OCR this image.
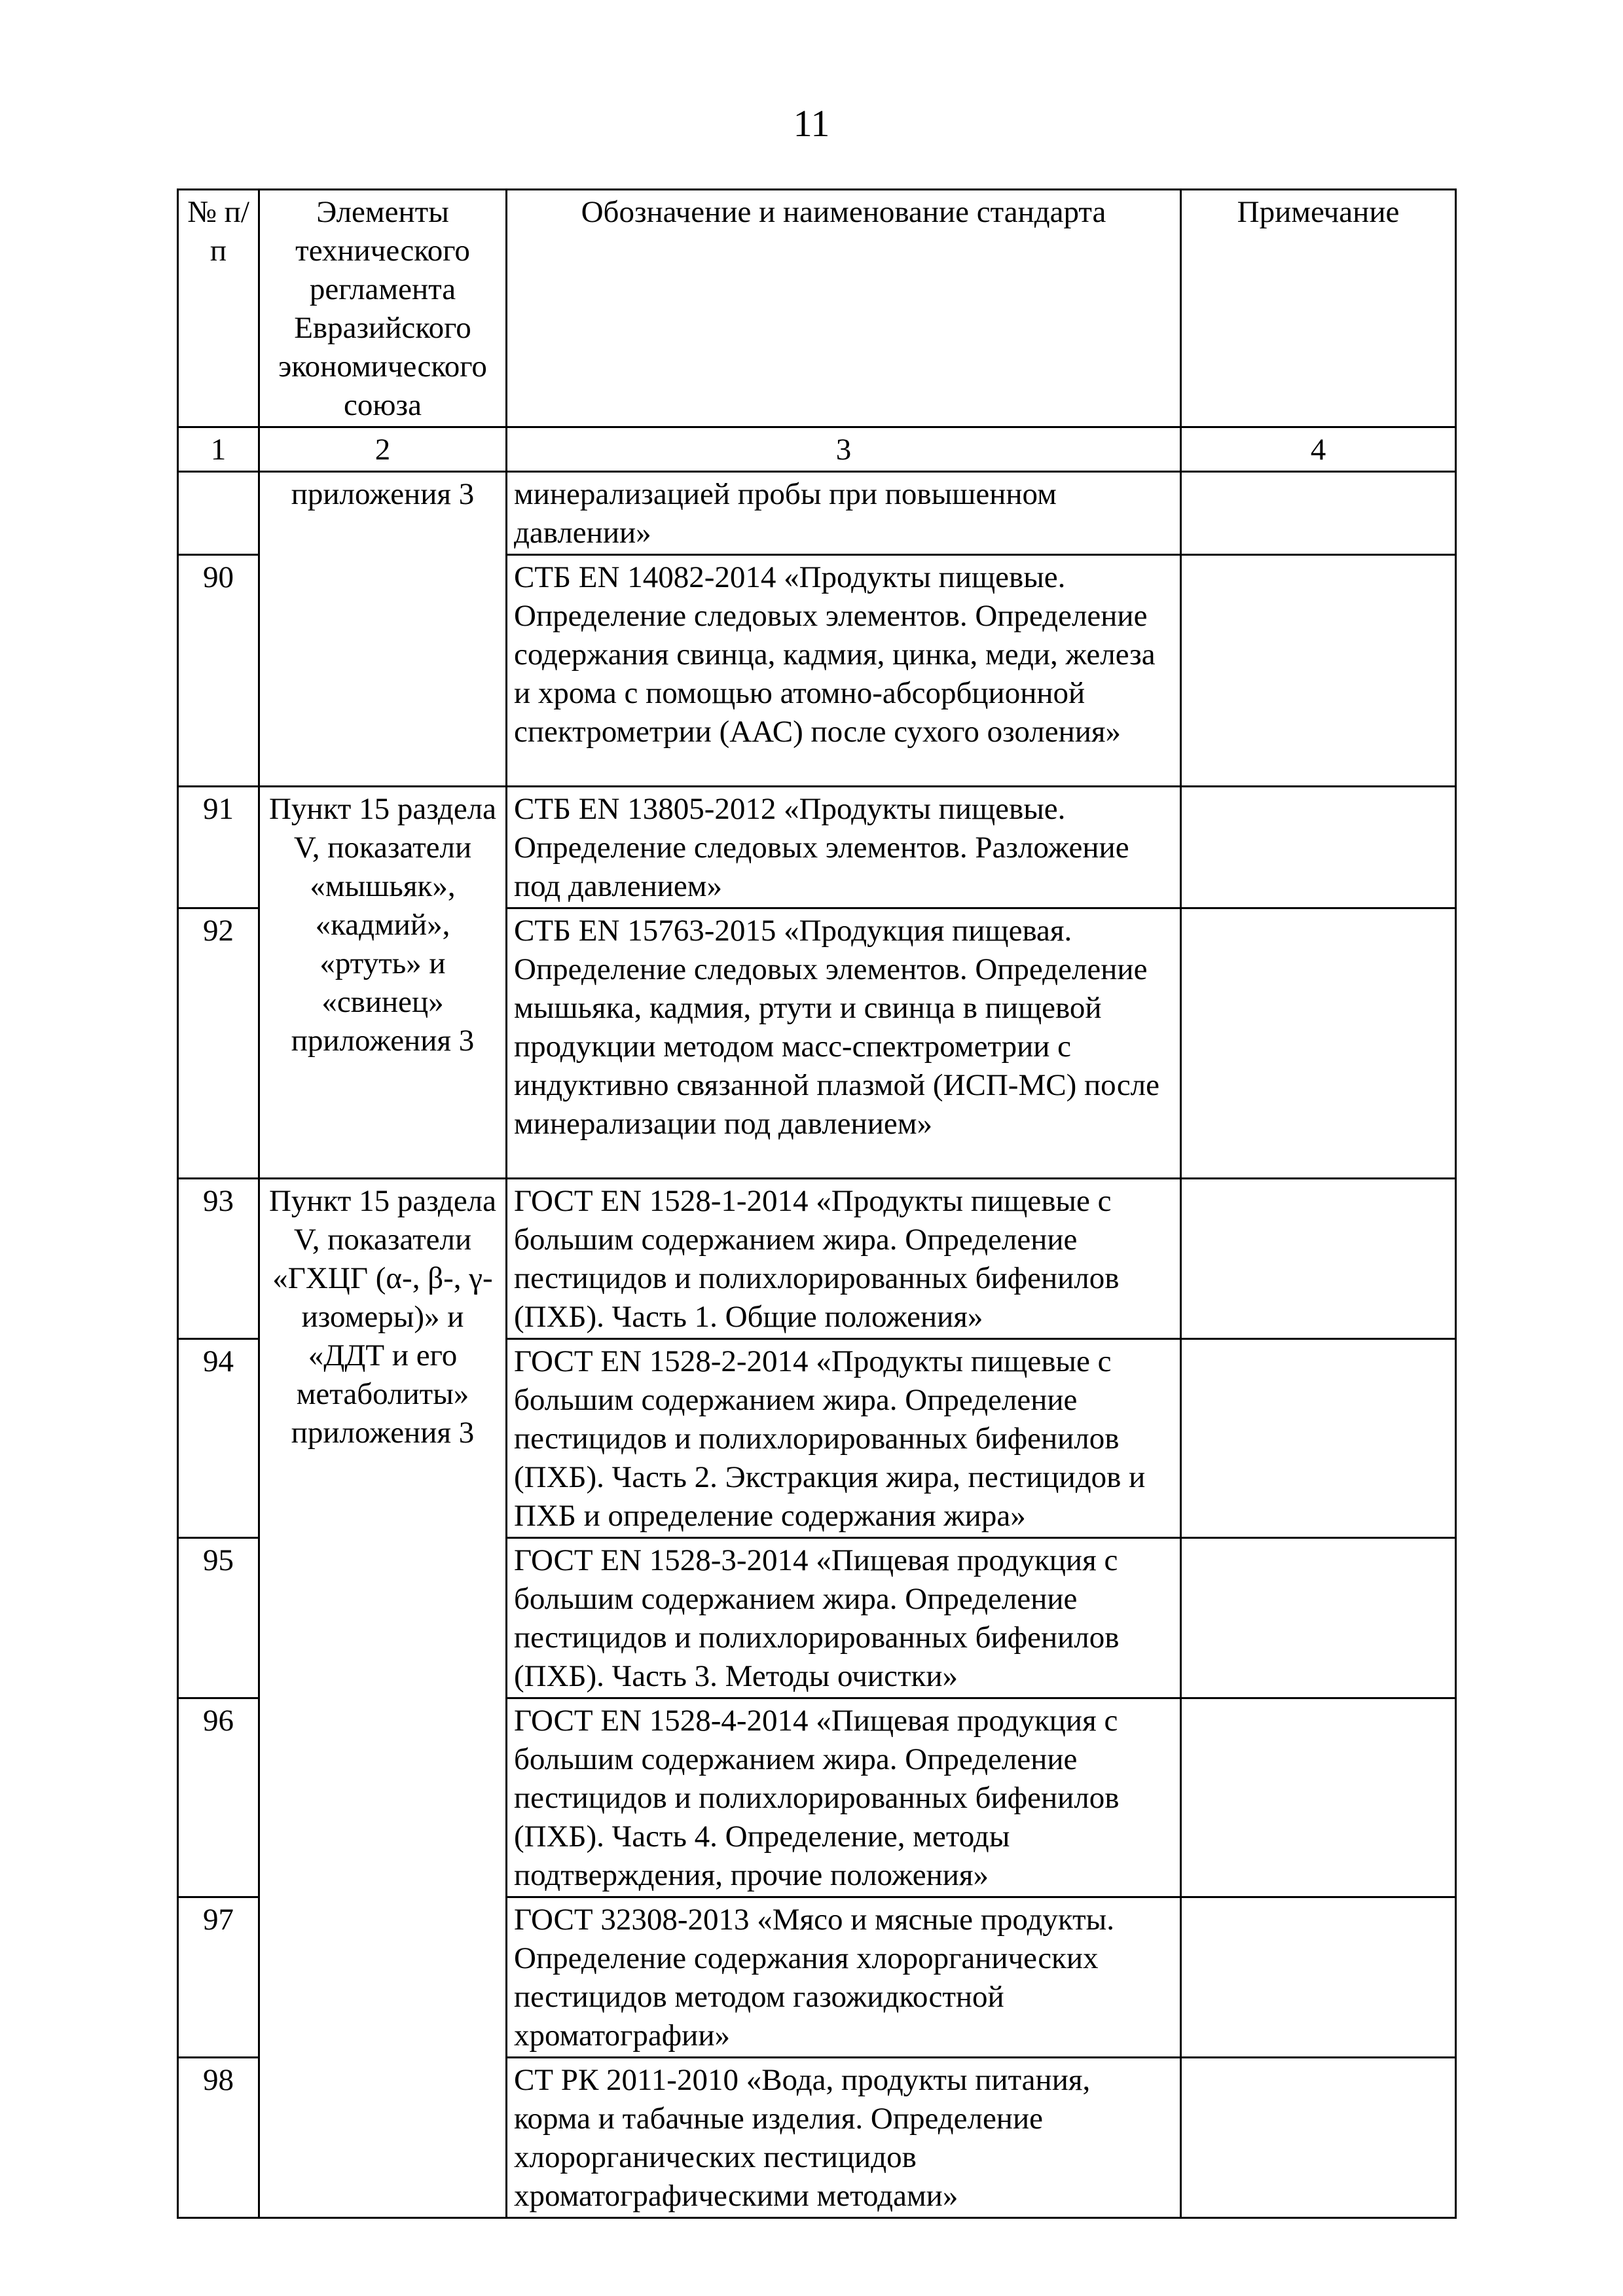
11
№ п/п	Элементы технического регламента Евразийского экономического союза	Обозначение и наименование стандарта	Примечание
1	2	3	4
	приложения 3	минерализацией пробы при повышенном давлении»	
90		СТБ EN 14082-2014 «Продукты пищевые. Определение следовых элементов. Определение содержания свинца, кадмия, цинка, меди, железа и хрома с помощью атомно-абсорбционной спектрометрии (ААС) после сухого озоления»	
91	Пункт 15 раздела V, показатели «мышьяк», «кадмий», «ртуть» и «свинец» приложения 3	СТБ EN 13805-2012 «Продукты пищевые. Определение следовых элементов. Разложение под давлением»	
92		СТБ EN 15763-2015 «Продукция пищевая. Определение следовых элементов. Определение мышьяка, кадмия, ртути и свинца в пищевой продукции методом масс-спектрометрии с индуктивно связанной плазмой (ИСП-МС) после минерализации под давлением»	
93	Пункт 15 раздела V, показатели «ГХЦГ (α-, β-, γ- изомеры)» и «ДДТ и его метаболиты» приложения 3	ГОСТ EN 1528-1-2014 «Продукты пищевые с большим содержанием жира. Определение пестицидов и полихлорированных бифенилов (ПХБ). Часть 1. Общие положения»	
94		ГОСТ EN 1528-2-2014 «Продукты пищевые с большим содержанием жира. Определение пестицидов и полихлорированных бифенилов (ПХБ). Часть 2. Экстракция жира, пестицидов и ПХБ и определение содержания жира»	
95		ГОСТ EN 1528-3-2014 «Пищевая продукция с большим содержанием жира. Определение пестицидов и полихлорированных бифенилов (ПХБ). Часть 3. Методы очистки»	
96		ГОСТ EN 1528-4-2014 «Пищевая продукция с большим содержанием жира. Определение пестицидов и полихлорированных бифенилов (ПХБ). Часть 4. Определение, методы подтверждения, прочие положения»	
97		ГОСТ 32308-2013 «Мясо и мясные продукты. Определение содержания хлорорганических пестицидов методом газожидкостной хроматографии»	
98		СТ РК 2011-2010 «Вода, продукты питания, корма и табачные изделия. Определение хлорорганических пестицидов хроматографическими методами»	
